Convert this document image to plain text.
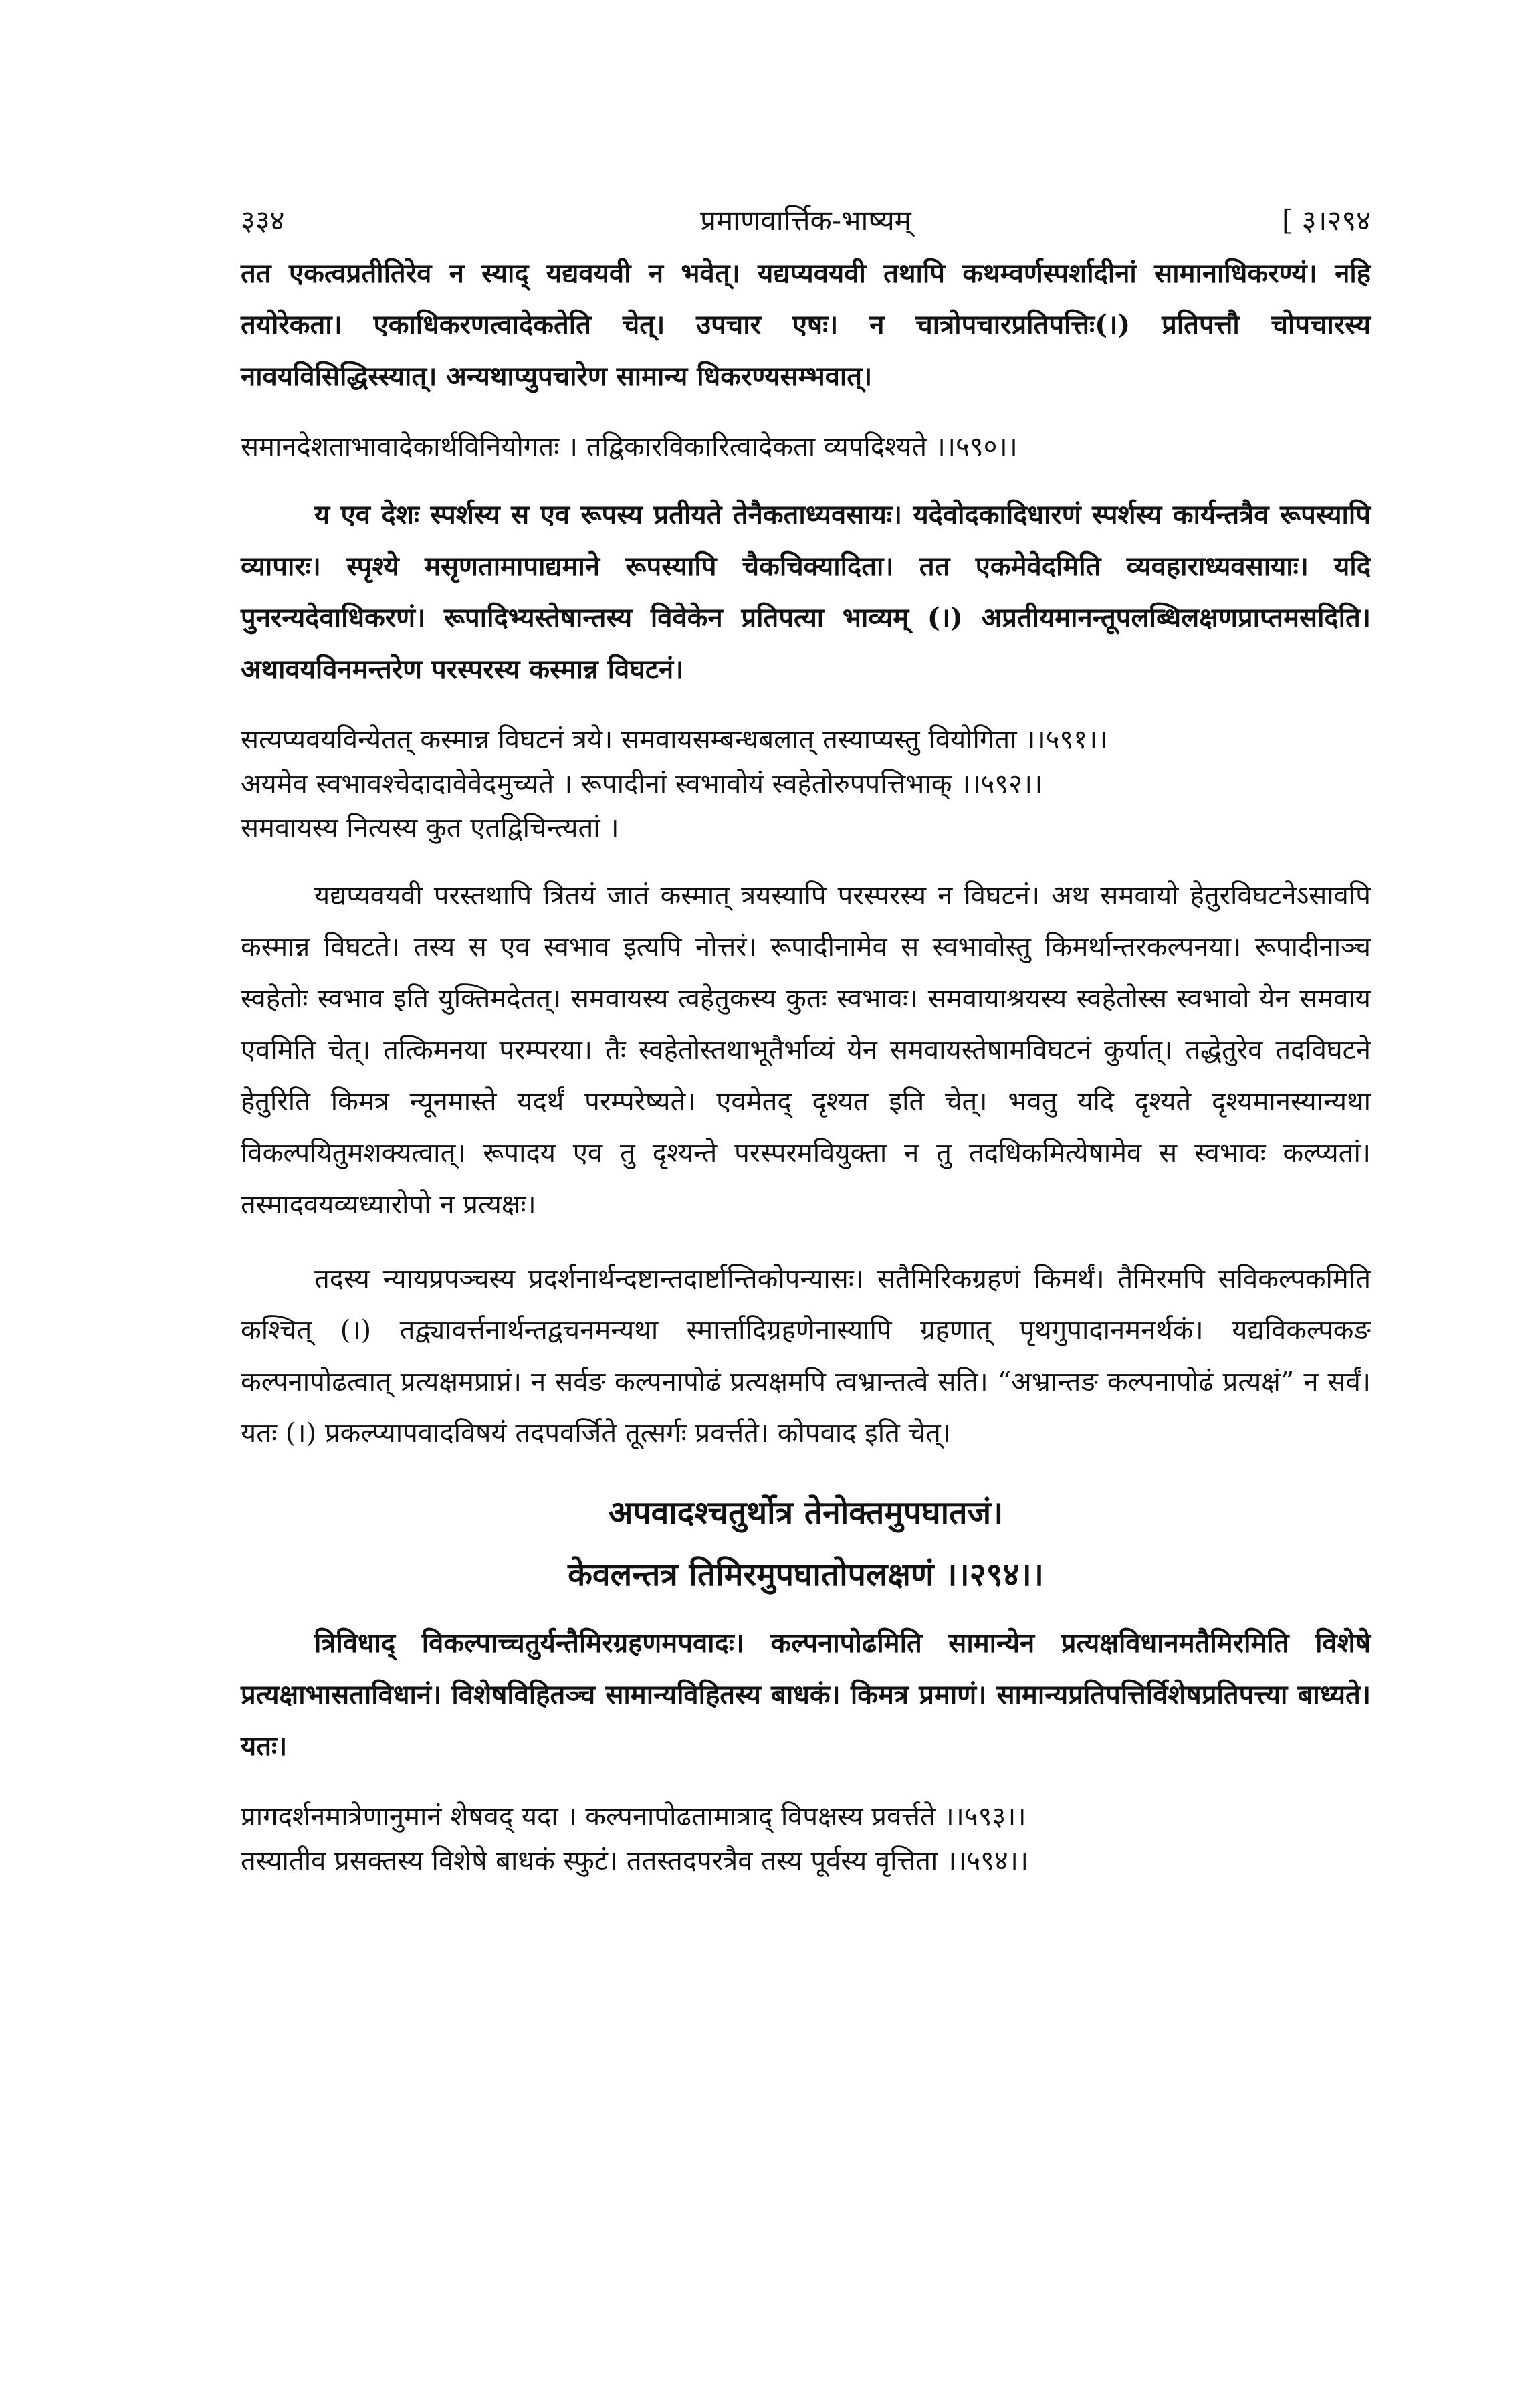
३३४	प्रमाणवार्त्तिक-भाष्यम्	[ ३।२९४

तत एकत्वप्रतीतिरेव न स्याद् यद्यवयवी न भवेत्। यद्यप्यवयवी तथापि कथम्वर्णस्पर्शादीनां सामानाधिकरण्यं। नहि तयोरेकता। एकाधिकरणत्वादेकतेति चेत्। उपचार एषः। न चात्रोपचारप्रतिपत्तिः(।) प्रतिपत्तौ चोपचारस्य नावयविसिद्धिस्स्यात्। अन्यथाप्युपचारेण सामान्य धिकरण्यसम्भवात्।

समानदेशताभावादेकार्थविनियोगतः । तद्विकारविकारित्वादेकता व्यपदिश्यते ।।५९०।।

य एव देशः स्पर्शस्य स एव रूपस्य प्रतीयते तेनैकताध्यवसायः। यदेवोदकादिधारणं स्पर्शस्य कार्यन्तत्रैव रूपस्यापि व्यापारः। स्पृश्ये मसृणतामापाद्यमाने रूपस्यापि चैकचिक्यादिता। तत एकमेवेदमिति व्यवहाराध्यवसायाः। यदि पुनरन्यदेवाधिकरणं। रूपादिभ्यस्तेषान्तस्य विवेकेन प्रतिपत्या भाव्यम् (।) अप्रतीयमानन्तूपलब्धिलक्षणप्राप्तमसदिति। अथावयविनमन्तरेण परस्परस्य कस्मान्न विघटनं।

सत्यप्यवयविन्येतत् कस्मान्न विघटनं त्रये। समवायसम्बन्धबलात् तस्याप्यस्तु वियोगिता ।।५९१।।
अयमेव स्वभावश्चेदादावेवेदमुच्यते । रूपादीनां स्वभावोयं स्वहेतोरुपपत्तिभाक् ।।५९२।।
समवायस्य नित्यस्य कुत एतद्विचिन्त्यतां ।

यद्यप्यवयवी परस्तथापि त्रितयं जातं कस्मात् त्रयस्यापि परस्परस्य न विघटनं। अथ समवायो हेतुरविघटनेऽसावपि कस्मान्न विघटते। तस्य स एव स्वभाव इत्यपि नोत्तरं। रूपादीनामेव स स्वभावोस्तु किमर्थान्तरकल्पनया। रूपादीनाञ्च स्वहेतोः स्वभाव इति युक्तिमदेतत्। समवायस्य त्वहेतुकस्य कुतः स्वभावः। समवायाश्रयस्य स्वहेतोस्स स्वभावो येन समवाय एवमिति चेत्। तत्किमनया परम्परया। तैः स्वहेतोस्तथाभूतैर्भाव्यं येन समवायस्तेषामविघटनं कुर्यात्। तद्धेतुरेव तदविघटने हेतुरिति किमत्र न्यूनमास्ते यदर्थं परम्परेष्यते। एवमेतद् दृश्यत इति चेत्। भवतु यदि दृश्यते दृश्यमानस्यान्यथा विकल्पयितुमशक्यत्वात्। रूपादय एव तु दृश्यन्ते परस्परमवियुक्ता न तु तदधिकमित्येषामेव स स्वभावः कल्प्यतां। तस्मादवयव्यध्यारोपो न प्रत्यक्षः।

तदस्य न्यायप्रपञ्चस्य प्रदर्शनार्थन्दष्टान्तदार्ष्टान्तिकोपन्यासः। सतैमिरिकग्रहणं किमर्थं। तैमिरमपि सविकल्पकमिति कश्चित् (।) तद्व्यावर्त्तनार्थन्तद्वचनमन्यथा स्मार्त्तादिग्रहणेनास्यापि ग्रहणात् पृथगुपादानमनर्थकं। यद्यविकल्पकङ कल्पनापोढत्वात् प्रत्यक्षमप्राप्नं। न सर्वङ कल्पनापोढं प्रत्यक्षमपि त्वभ्रान्तत्वे सति। “अभ्रान्तङ कल्पनापोढं प्रत्यक्षं” न सर्वं। यतः (।) प्रकल्प्यापवादविषयं तदपवर्जिते तूत्सर्गः प्रवर्त्तते। कोपवाद इति चेत्।

अपवादश्चतुर्थोत्र तेनोक्तमुपघातजं।
केवलन्तत्र तिमिरमुपघातोपलक्षणं ।।२९४।।

त्रिविधाद् विकल्पाच्चतुर्यन्तैमिरग्रहणमपवादः। कल्पनापोढमिति सामान्येन प्रत्यक्षविधानमतैमिरमिति विशेषे प्रत्यक्षाभासताविधानं। विशेषविहितञ्च सामान्यविहितस्य बाधकं। किमत्र प्रमाणं। सामान्यप्रतिपत्तिर्विशेषप्रतिपत्त्या बाध्यते। यतः।

प्रागदर्शनमात्रेणानुमानं शेषवद् यदा । कल्पनापोढतामात्राद् विपक्षस्य प्रवर्त्तते ।।५९३।।
तस्यातीव प्रसक्तस्य विशेषे बाधकं स्फुटं। ततस्तदपरत्रैव तस्य पूर्वस्य वृत्तिता ।।५९४।।
